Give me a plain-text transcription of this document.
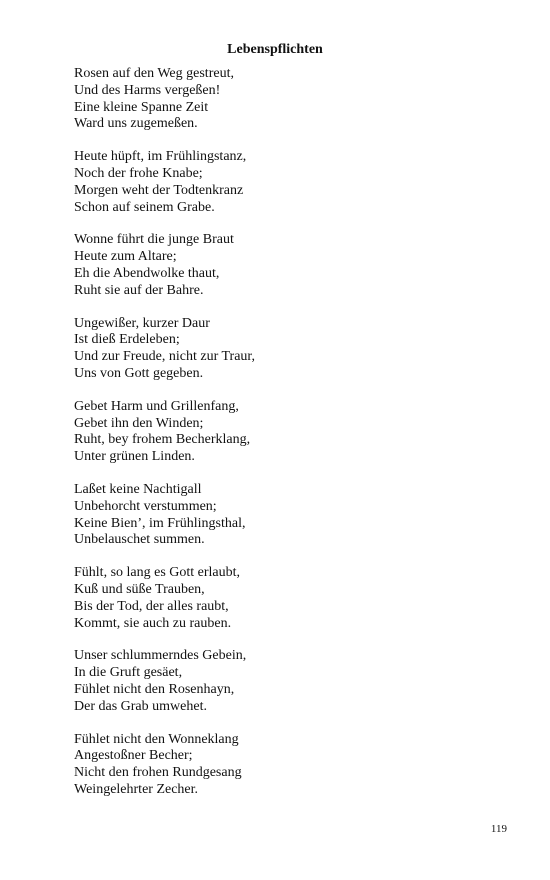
Lebenspflichten
Rosen auf den Weg gestreut,
Und des Harms vergeßen!
Eine kleine Spanne Zeit
Ward uns zugemeßen.
Heute hüpft, im Frühlingstanz,
Noch der frohe Knabe;
Morgen weht der Todtenkranz
Schon auf seinem Grabe.
Wonne führt die junge Braut
Heute zum Altare;
Eh die Abendwolke thaut,
Ruht sie auf der Bahre.
Ungewißer, kurzer Daur
Ist dieß Erdeleben;
Und zur Freude, nicht zur Traur,
Uns von Gott gegeben.
Gebet Harm und Grillenfang,
Gebet ihn den Winden;
Ruht, bey frohem Becherklang,
Unter grünen Linden.
Laßet keine Nachtigall
Unbehorcht verstummen;
Keine Bien’, im Frühlingsthal,
Unbelauschet summen.
Fühlt, so lang es Gott erlaubt,
Kuß und süße Trauben,
Bis der Tod, der alles raubt,
Kommt, sie auch zu rauben.
Unser schlummerndes Gebein,
In die Gruft gesäet,
Fühlet nicht den Rosenhayn,
Der das Grab umwehet.
Fühlet nicht den Wonneklang
Angestoßner Becher;
Nicht den frohen Rundgesang
Weingelehrter Zecher.
119
